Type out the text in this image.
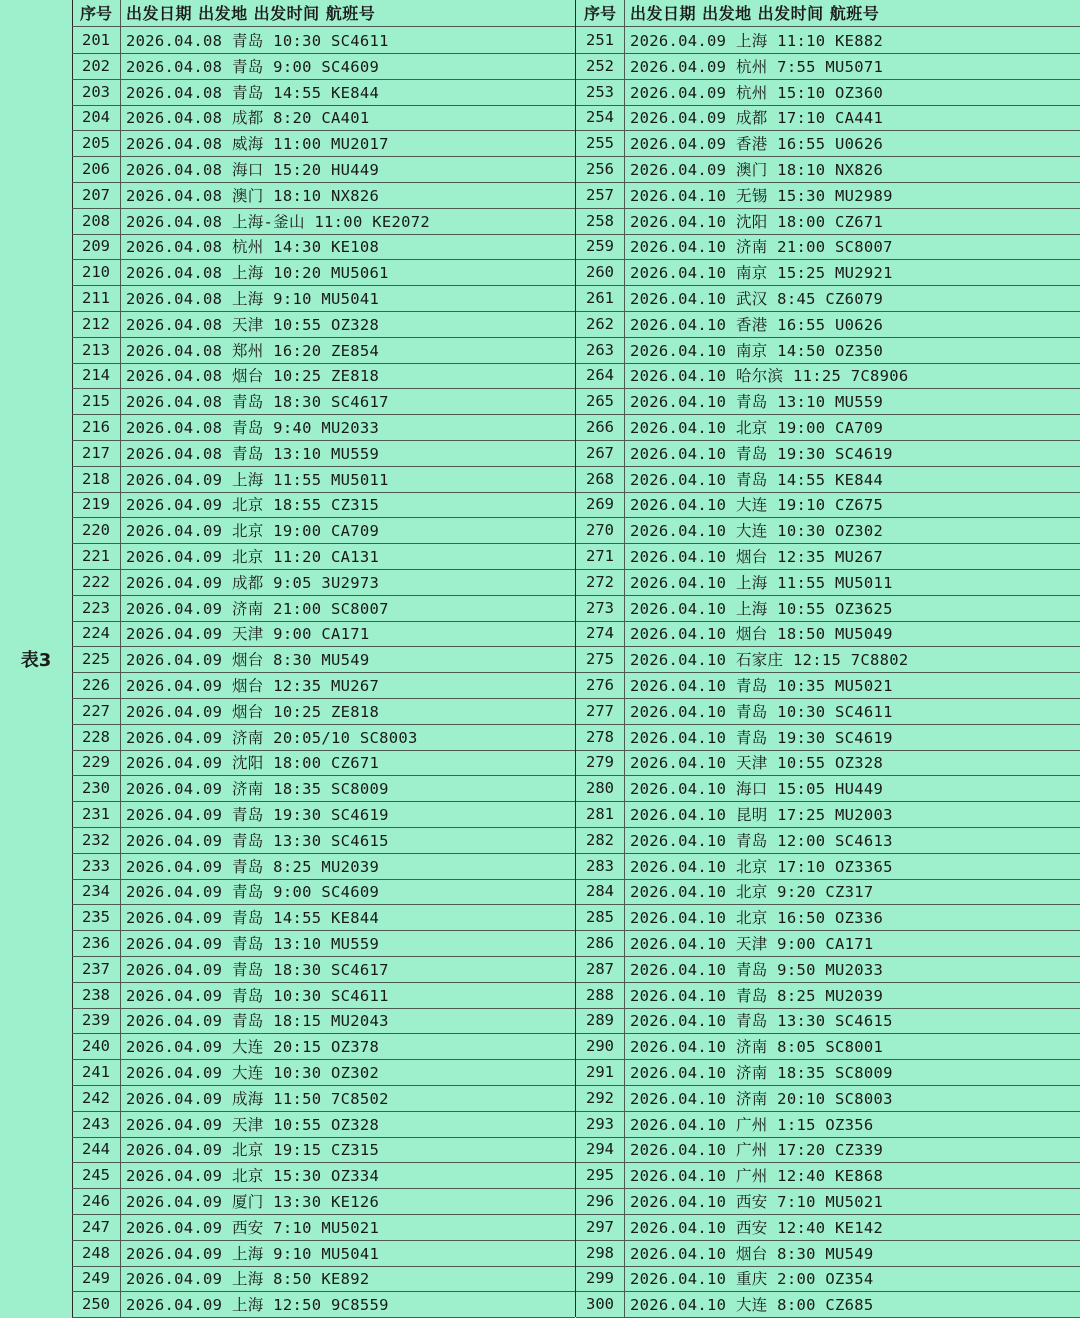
表3
序号 出发日期 出发地 出发时间 航班号
201	2026.04.08 青岛 10:30 SC4611
202	2026.04.08 青岛 9:00 SC4609
203	2026.04.08 青岛 14:55 KE844
204	2026.04.08 成都 8:20 CA401
205	2026.04.08 威海 11:00 MU2017
206	2026.04.08 海口 15:20 HU449
207	2026.04.08 澳门 18:10 NX826
208	2026.04.08 上海-釜山 11:00 KE2072
209	2026.04.08 杭州 14:30 KE108
210	2026.04.08 上海 10:20 MU5061
211	2026.04.08 上海 9:10 MU5041
212	2026.04.08 天津 10:55 OZ328
213	2026.04.08 郑州 16:20 ZE854
214	2026.04.08 烟台 10:25 ZE818
215	2026.04.08 青岛 18:30 SC4617
216	2026.04.08 青岛 9:40 MU2033
217	2026.04.08 青岛 13:10 MU559
218	2026.04.09 上海 11:55 MU5011
219	2026.04.09 北京 18:55 CZ315
220	2026.04.09 北京 19:00 CA709
221	2026.04.09 北京 11:20 CA131
222	2026.04.09 成都 9:05 3U2973
223	2026.04.09 济南 21:00 SC8007
224	2026.04.09 天津 9:00 CA171
225	2026.04.09 烟台 8:30 MU549
226	2026.04.09 烟台 12:35 MU267
227	2026.04.09 烟台 10:25 ZE818
228	2026.04.09 济南 20:05/10 SC8003
229	2026.04.09 沈阳 18:00 CZ671
230	2026.04.09 济南 18:35 SC8009
231	2026.04.09 青岛 19:30 SC4619
232	2026.04.09 青岛 13:30 SC4615
233	2026.04.09 青岛 8:25 MU2039
234	2026.04.09 青岛 9:00 SC4609
235	2026.04.09 青岛 14:55 KE844
236	2026.04.09 青岛 13:10 MU559
237	2026.04.09 青岛 18:30 SC4617
238	2026.04.09 青岛 10:30 SC4611
239	2026.04.09 青岛 18:15 MU2043
240	2026.04.09 大连 20:15 OZ378
241	2026.04.09 大连 10:30 OZ302
242	2026.04.09 成海 11:50 7C8502
243	2026.04.09 天津 10:55 OZ328
244	2026.04.09 北京 19:15 CZ315
245	2026.04.09 北京 15:30 OZ334
246	2026.04.09 厦门 13:30 KE126
247	2026.04.09 西安 7:10 MU5021
248	2026.04.09 上海 9:10 MU5041
249	2026.04.09 上海 8:50 KE892
250	2026.04.09 上海 12:50 9C8559
序号 出发日期 出发地 出发时间 航班号
251	2026.04.09 上海 11:10 KE882
252	2026.04.09 杭州 7:55 MU5071
253	2026.04.09 杭州 15:10 OZ360
254	2026.04.09 成都 17:10 CA441
255	2026.04.09 香港 16:55 U0626
256	2026.04.09 澳门 18:10 NX826
257	2026.04.10 无锡 15:30 MU2989
258	2026.04.10 沈阳 18:00 CZ671
259	2026.04.10 济南 21:00 SC8007
260	2026.04.10 南京 15:25 MU2921
261	2026.04.10 武汉 8:45 CZ6079
262	2026.04.10 香港 16:55 U0626
263	2026.04.10 南京 14:50 OZ350
264	2026.04.10 哈尔滨 11:25 7C8906
265	2026.04.10 青岛 13:10 MU559
266	2026.04.10 北京 19:00 CA709
267	2026.04.10 青岛 19:30 SC4619
268	2026.04.10 青岛 14:55 KE844
269	2026.04.10 大连 19:10 CZ675
270	2026.04.10 大连 10:30 OZ302
271	2026.04.10 烟台 12:35 MU267
272	2026.04.10 上海 11:55 MU5011
273	2026.04.10 上海 10:55 OZ3625
274	2026.04.10 烟台 18:50 MU5049
275	2026.04.10 石家庄 12:15 7C8802
276	2026.04.10 青岛 10:35 MU5021
277	2026.04.10 青岛 10:30 SC4611
278	2026.04.10 青岛 19:30 SC4619
279	2026.04.10 天津 10:55 OZ328
280	2026.04.10 海口 15:05 HU449
281	2026.04.10 昆明 17:25 MU2003
282	2026.04.10 青岛 12:00 SC4613
283	2026.04.10 北京 17:10 OZ3365
284	2026.04.10 北京 9:20 CZ317
285	2026.04.10 北京 16:50 OZ336
286	2026.04.10 天津 9:00 CA171
287	2026.04.10 青岛 9:50 MU2033
288	2026.04.10 青岛 8:25 MU2039
289	2026.04.10 青岛 13:30 SC4615
290	2026.04.10 济南 8:05 SC8001
291	2026.04.10 济南 18:35 SC8009
292	2026.04.10 济南 20:10 SC8003
293	2026.04.10 广州 1:15 OZ356
294	2026.04.10 广州 17:20 CZ339
295	2026.04.10 广州 12:40 KE868
296	2026.04.10 西安 7:10 MU5021
297	2026.04.10 西安 12:40 KE142
298	2026.04.10 烟台 8:30 MU549
299	2026.04.10 重庆 2:00 OZ354
300	2026.04.10 大连 8:00 CZ685
